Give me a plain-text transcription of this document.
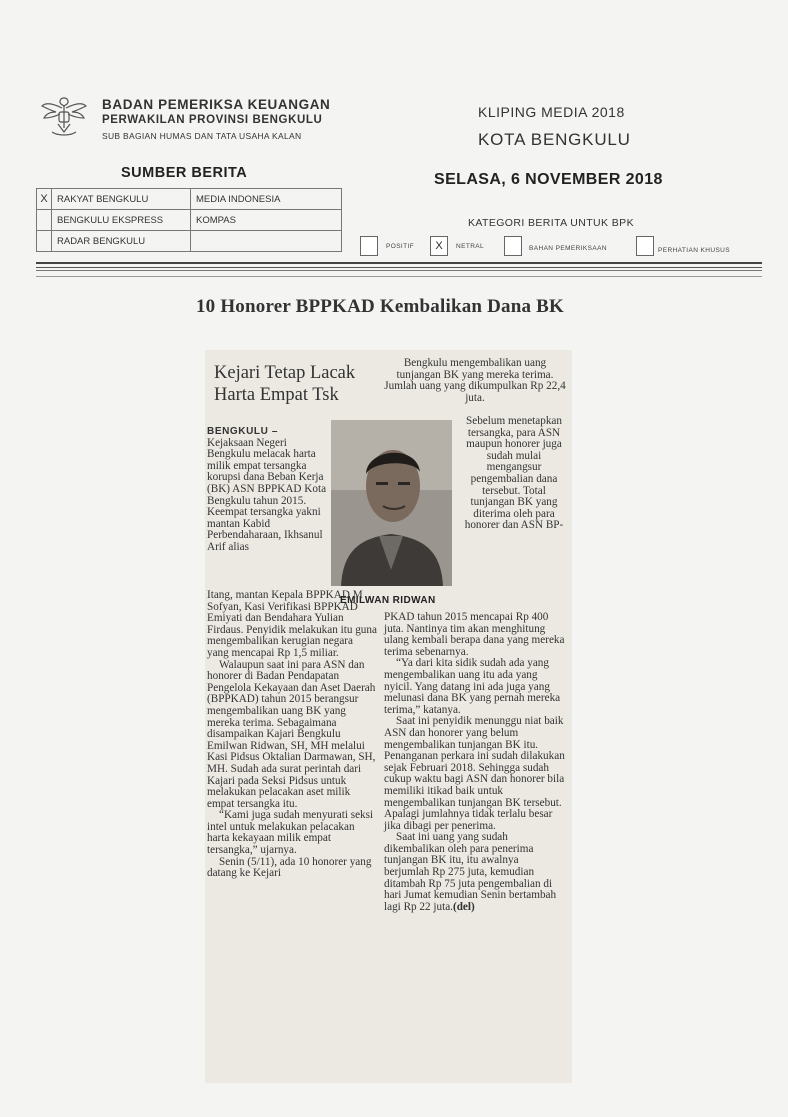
BADAN PEMERIKSA KEUANGAN
PERWAKILAN PROVINSI BENGKULU
SUB BAGIAN HUMAS DAN TATA USAHA KALAN
KLIPING MEDIA 2018
KOTA BENGKULU
SELASA, 6 NOVEMBER 2018
SUMBER BERITA
X	RAKYAT BENGKULU	MEDIA INDONESIA
	BENGKULU EKSPRESS	KOMPAS
	RADAR BENGKULU	
KATEGORI BERITA UNTUK BPK
POSITIF	X	NETRAL	BAHAN PEMERIKSAAN	PERHATIAN KHUSUS
10 Honorer BPPKAD Kembalikan Dana BK
Kejari Tetap Lacak
Harta Empat Tsk
EMILWAN RIDWAN

BENGKULU – Kejaksaan Negeri Bengkulu melacak harta milik empat tersangka korupsi dana Beban Kerja (BK) ASN BPPKAD Kota Bengkulu tahun 2015. Keempat tersangka yakni mantan Kabid Perbendaharaan, Ikhsanul Arif alias

Itang, mantan Kepala BPPKAD M Sofyan, Kasi Verifikasi BPPKAD Emiyati dan Bendahara Yulian Firdaus. Penyidik melakukan itu guna mengembalikan kerugian negara yang mencapai Rp 1,5 miliar.

Walaupun saat ini para ASN dan honorer di Badan Pendapatan Pengelola Kekayaan dan Aset Daerah (BPPKAD) tahun 2015 berangsur mengembalikan uang BK yang mereka terima. Sebagaimana disampaikan Kajari Bengkulu Emilwan Ridwan, SH, MH melalui Kasi Pidsus Oktalian Darmawan, SH, MH. Sudah ada surat perintah dari Kajari pada Seksi Pidsus untuk melakukan pelacakan aset milik empat tersangka itu.

“Kami juga sudah menyurati seksi intel untuk melakukan pelacakan harta kekayaan milik empat tersangka,” ujarnya.

Senin (5/11), ada 10 honorer yang datang ke Kejari

Bengkulu mengembalikan uang tunjangan BK yang mereka terima. Jumlah uang yang dikumpulkan Rp 22,4 juta.
Sebelum menetapkan tersangka, para ASN maupun honorer juga sudah mulai mengangsur pengembalian dana tersebut. Total tunjangan BK yang diterima oleh para honorer dan ASN BP-

PKAD tahun 2015 mencapai Rp 400 juta. Nantinya tim akan menghitung ulang kembali berapa dana yang mereka terima sebenarnya.

“Ya dari kita sidik sudah ada yang mengembalikan uang itu ada yang nyicil. Yang datang ini ada juga yang melunasi dana BK yang pernah mereka terima,” katanya.

Saat ini penyidik menunggu niat baik ASN dan honorer yang belum mengembalikan tunjangan BK itu. Penanganan perkara ini sudah dilakukan sejak Februari 2018. Sehingga sudah cukup waktu bagi ASN dan honorer bila memiliki itikad baik untuk mengembalikan tunjangan BK tersebut. Apalagi jumlahnya tidak terlalu besar jika dibagi per penerima.

Saat ini uang yang sudah dikembalikan oleh para penerima tunjangan BK itu, itu awalnya berjumlah Rp 275 juta, kemudian ditambah Rp 75 juta pengembalian di hari Jumat kemudian Senin bertambah lagi Rp 22 juta.(del)
